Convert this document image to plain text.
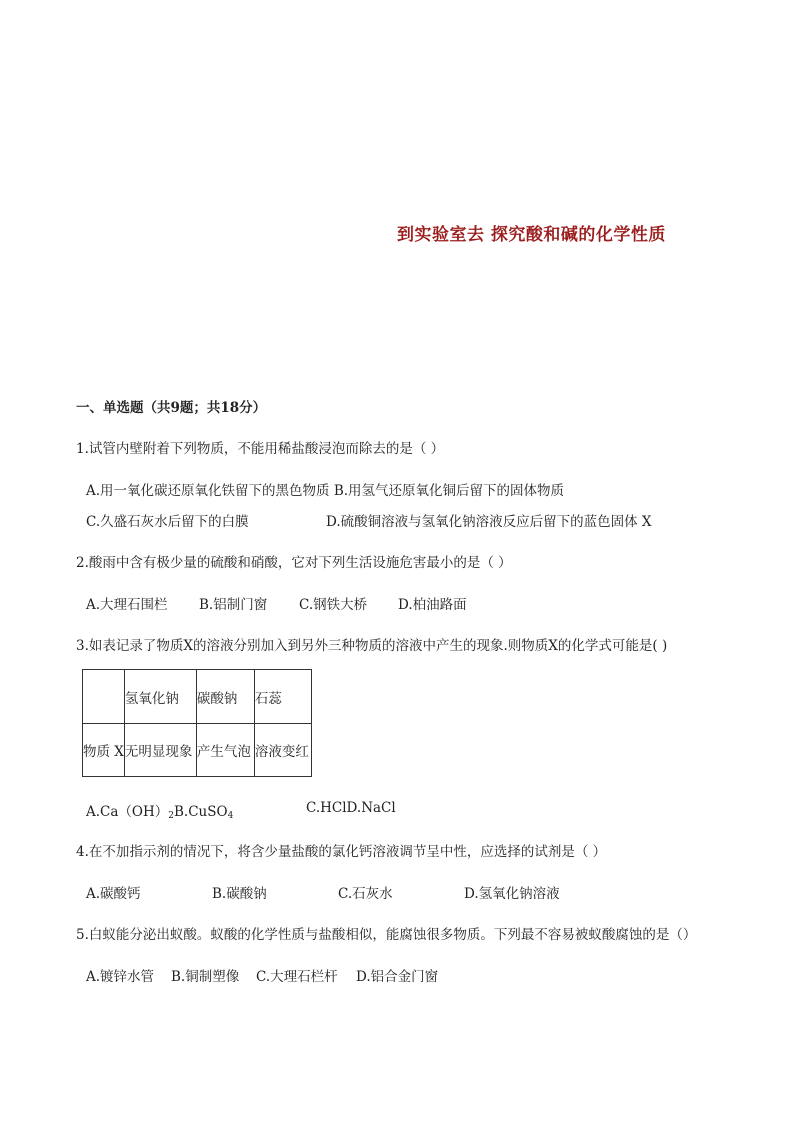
到实验室去 探究酸和碱的化学性质
一、单选题（共9题；共18分）
1.试管内壁附着下列物质，不能用稀盐酸浸泡而除去的是（ ）
A.用一氧化碳还原氧化铁留下的黑色物质 B.用氢气还原氧化铜后留下的固体物质
C.久盛石灰水后留下的白膜	D.硫酸铜溶液与氢氧化钠溶液反应后留下的蓝色固体 X
2.酸雨中含有极少量的硫酸和硝酸，它对下列生活设施危害最小的是（ ）
A.大理石围栏 B.铝制门窗 C.钢铁大桥 D.柏油路面
3.如表记录了物质X的溶液分别加入到另外三种物质的溶液中产生的现象.则物质X的化学式可能是( )
	氢氧化钠	碳酸钠	石蕊
物质 X	无明显现象	产生气泡	溶液变红
$A.Ca(OH)_2B.CuSO_4$	C.HClD.NaCl
4.在不加指示剂的情况下，将含少量盐酸的氯化钙溶液调节呈中性，应选择的试剂是（ ）
A.碳酸钙	B.碳酸钠	C.石灰水	D.氢氧化钠溶液
5.白蚁能分泌出蚁酸。蚁酸的化学性质与盐酸相似，能腐蚀很多物质。下列最不容易被蚁酸腐蚀的是（）
A.镀锌水管 B.铜制塑像 C.大理石栏杆 D.铝合金门窗
